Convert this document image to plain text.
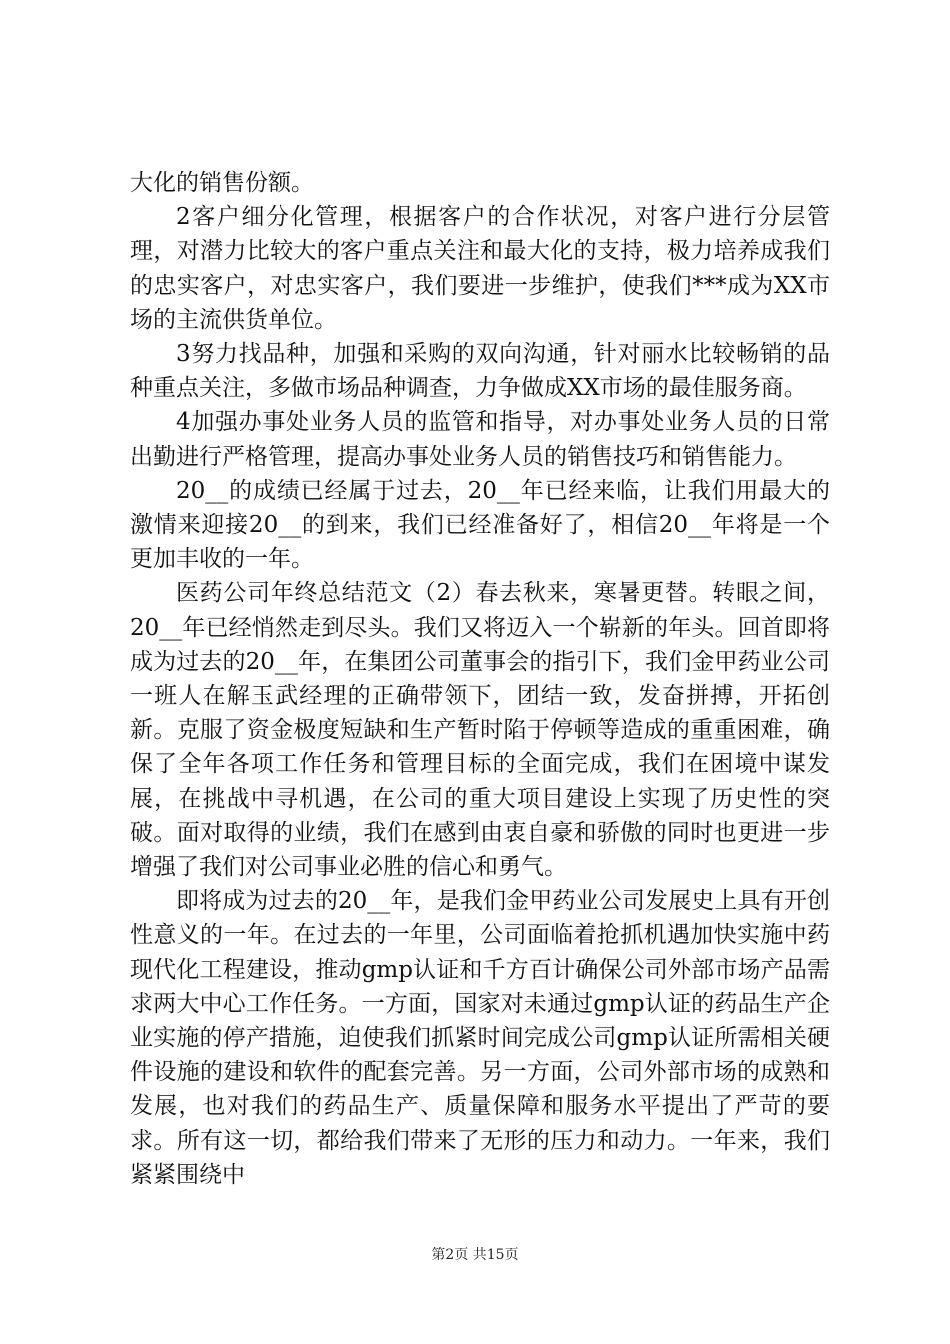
大化的销售份额。

2客户细分化管理，根据客户的合作状况，对客户进行分层管理，对潜力比较大的客户重点关注和最大化的支持，极力培养成我们的忠实客户，对忠实客户，我们要进一步维护，使我们***成为XX市场的主流供货单位。

3努力找品种，加强和采购的双向沟通，针对丽水比较畅销的品种重点关注，多做市场品种调查，力争做成XX市场的最佳服务商。

4加强办事处业务人员的监管和指导，对办事处业务人员的日常出勤进行严格管理，提高办事处业务人员的销售技巧和销售能力。

20__的成绩已经属于过去，20__年已经来临，让我们用最大的激情来迎接20__的到来，我们已经准备好了，相信20__年将是一个更加丰收的一年。

医药公司年终总结范文（2）春去秋来，寒暑更替。转眼之间，20__年已经悄然走到尽头。我们又将迈入一个崭新的年头。回首即将成为过去的20__年，在集团公司董事会的指引下，我们金甲药业公司一班人在解玉武经理的正确带领下，团结一致，发奋拼搏，开拓创新。克服了资金极度短缺和生产暂时陷于停顿等造成的重重困难，确保了全年各项工作任务和管理目标的全面完成，我们在困境中谋发展，在挑战中寻机遇，在公司的重大项目建设上实现了历史性的突破。面对取得的业绩，我们在感到由衷自豪和骄傲的同时也更进一步增强了我们对公司事业必胜的信心和勇气。

即将成为过去的20__年，是我们金甲药业公司发展史上具有开创性意义的一年。在过去的一年里，公司面临着抢抓机遇加快实施中药现代化工程建设，推动gmp认证和千方百计确保公司外部市场产品需求两大中心工作任务。一方面，国家对未通过gmp认证的药品生产企业实施的停产措施，迫使我们抓紧时间完成公司gmp认证所需相关硬件设施的建设和软件的配套完善。另一方面，公司外部市场的成熟和发展，也对我们的药品生产、质量保障和服务水平提出了严苛的要求。所有这一切，都给我们带来了无形的压力和动力。一年来，我们紧紧围绕中

第2页 共15页
